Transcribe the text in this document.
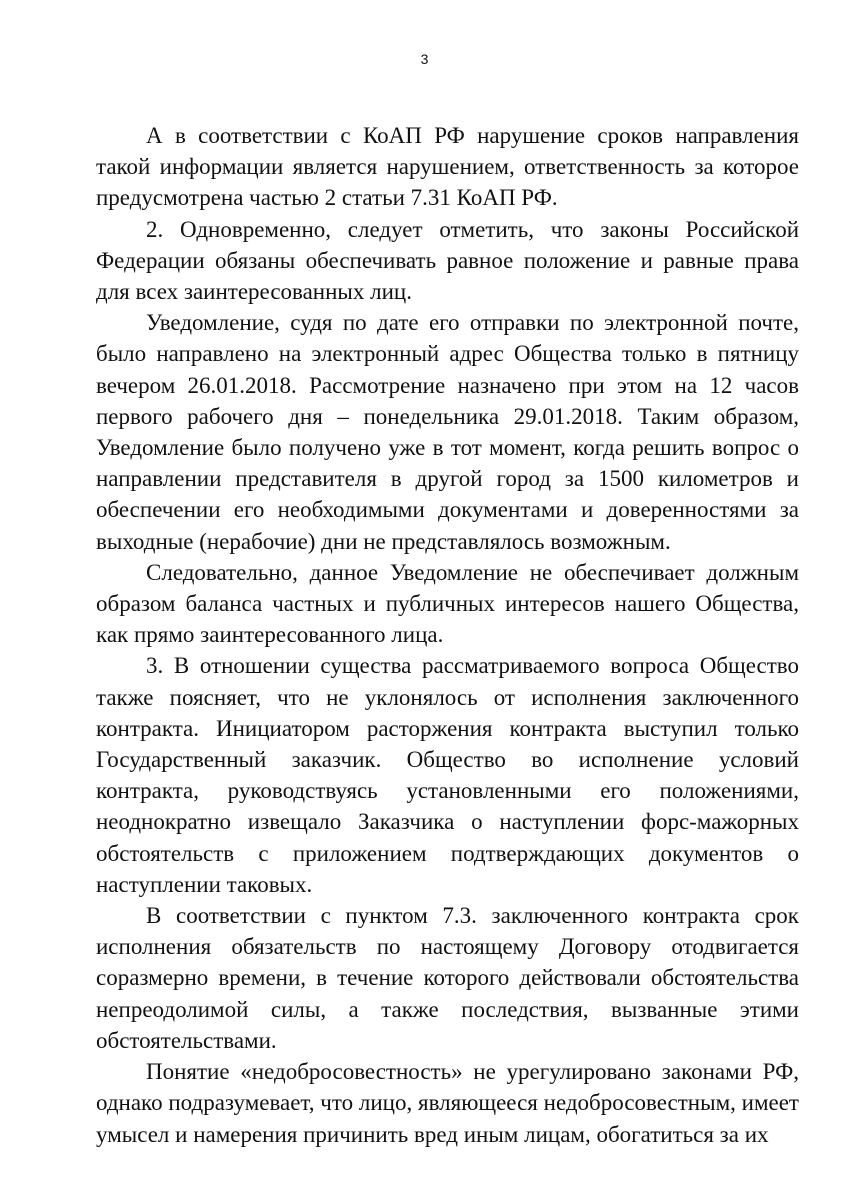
3

А в соответствии с КоАП РФ нарушение сроков направления такой информации является нарушением, ответственность за которое предусмотрена частью 2 статьи 7.31 КоАП РФ.

2. Одновременно, следует отметить, что законы Российской Федерации обязаны обеспечивать равное положение и равные права для всех заинтересованных лиц.

Уведомление, судя по дате его отправки по электронной почте, было направлено на электронный адрес Общества только в пятницу вечером 26.01.2018. Рассмотрение назначено при этом на 12 часов первого рабочего дня – понедельника 29.01.2018. Таким образом, Уведомление было получено уже в тот момент, когда решить вопрос о направлении представителя в другой город за 1500 километров и обеспечении его необходимыми документами и доверенностями за выходные (нерабочие) дни не представлялось возможным.

Следовательно, данное Уведомление не обеспечивает должным образом баланса частных и публичных интересов нашего Общества, как прямо заинтересованного лица.

3. В отношении существа рассматриваемого вопроса Общество также поясняет, что не уклонялось от исполнения заключенного контракта. Инициатором расторжения контракта выступил только Государственный заказчик. Общество во исполнение условий контракта, руководствуясь установленными его положениями, неоднократно извещало Заказчика о наступлении форс-мажорных обстоятельств с приложением подтверждающих документов о наступлении таковых.

В соответствии с пунктом 7.3. заключенного контракта срок исполнения обязательств по настоящему Договору отодвигается соразмерно времени, в течение которого действовали обстоятельства непреодолимой силы, а также последствия, вызванные этими обстоятельствами.

Понятие «недобросовестность» не урегулировано законами РФ, однако подразумевает, что лицо, являющееся недобросовестным, имеет умысел и намерения причинить вред иным лицам, обогатиться за их
